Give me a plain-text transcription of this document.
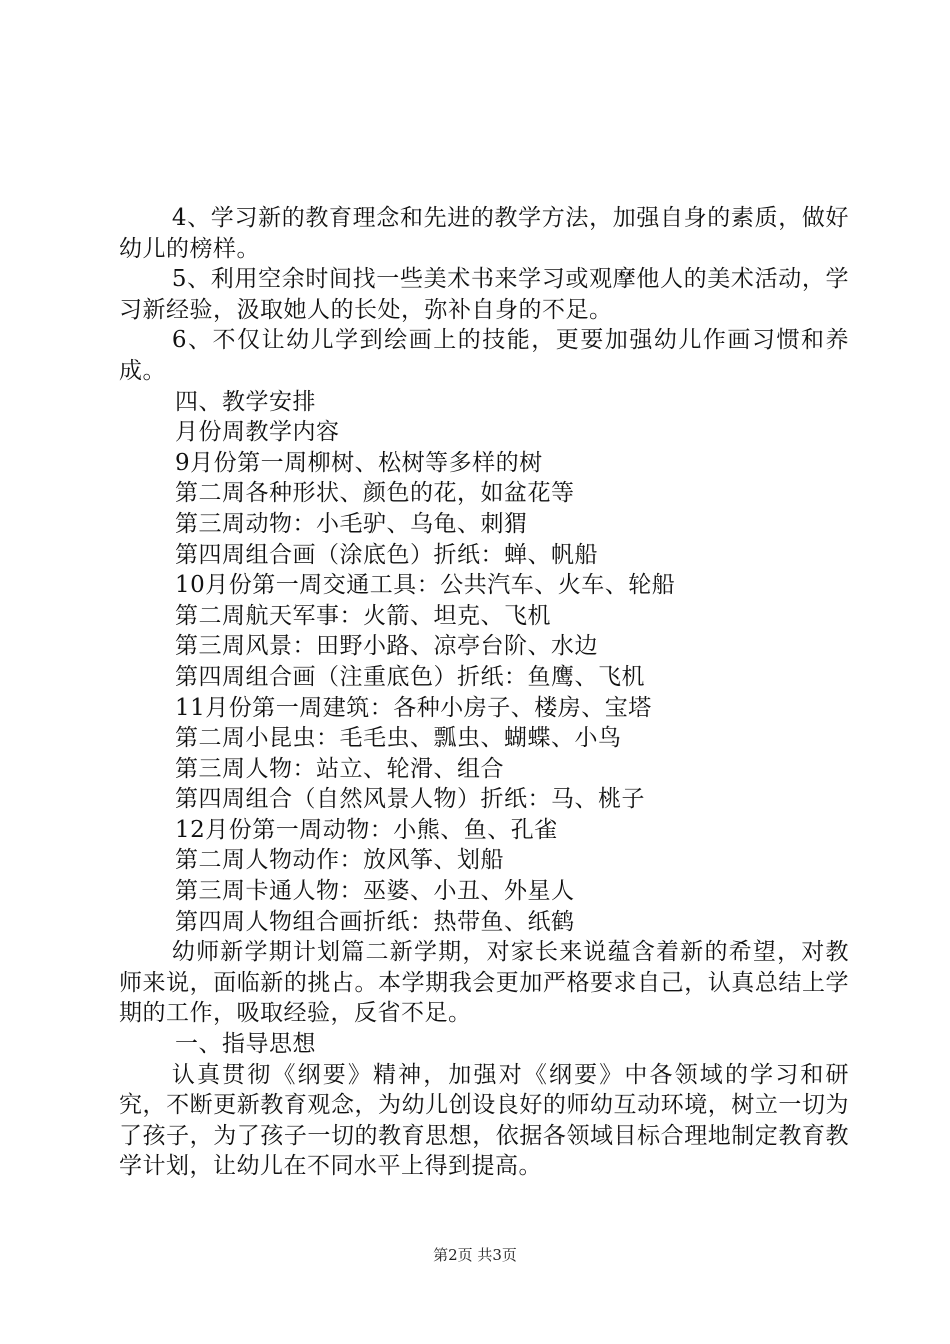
4、学习新的教育理念和先进的教学方法，加强自身的素质，做好幼儿的榜样。

5、利用空余时间找一些美术书来学习或观摩他人的美术活动，学习新经验，汲取她人的长处，弥补自身的不足。

6、不仅让幼儿学到绘画上的技能，更要加强幼儿作画习惯和养成。

四、教学安排

月份周教学内容

9月份第一周柳树、松树等多样的树

第二周各种形状、颜色的花，如盆花等

第三周动物：小毛驴、乌龟、刺猬

第四周组合画（涂底色）折纸：蝉、帆船

10月份第一周交通工具：公共汽车、火车、轮船

第二周航天军事：火箭、坦克、飞机

第三周风景：田野小路、凉亭台阶、水边

第四周组合画（注重底色）折纸：鱼鹰、飞机

11月份第一周建筑：各种小房子、楼房、宝塔

第二周小昆虫：毛毛虫、瓢虫、蝴蝶、小鸟

第三周人物：站立、轮滑、组合

第四周组合（自然风景人物）折纸：马、桃子

12月份第一周动物：小熊、鱼、孔雀

第二周人物动作：放风筝、划船

第三周卡通人物：巫婆、小丑、外星人

第四周人物组合画折纸：热带鱼、纸鹤

幼师新学期计划篇二新学期，对家长来说蕴含着新的希望，对教师来说，面临新的挑占。本学期我会更加严格要求自己，认真总结上学期的工作，吸取经验，反省不足。

一、指导思想

认真贯彻《纲要》精神，加强对《纲要》中各领域的学习和研究，不断更新教育观念，为幼儿创设良好的师幼互动环境，树立一切为了孩子，为了孩子一切的教育思想，依据各领域目标合理地制定教育教学计划，让幼儿在不同水平上得到提高。

第2页 共3页
